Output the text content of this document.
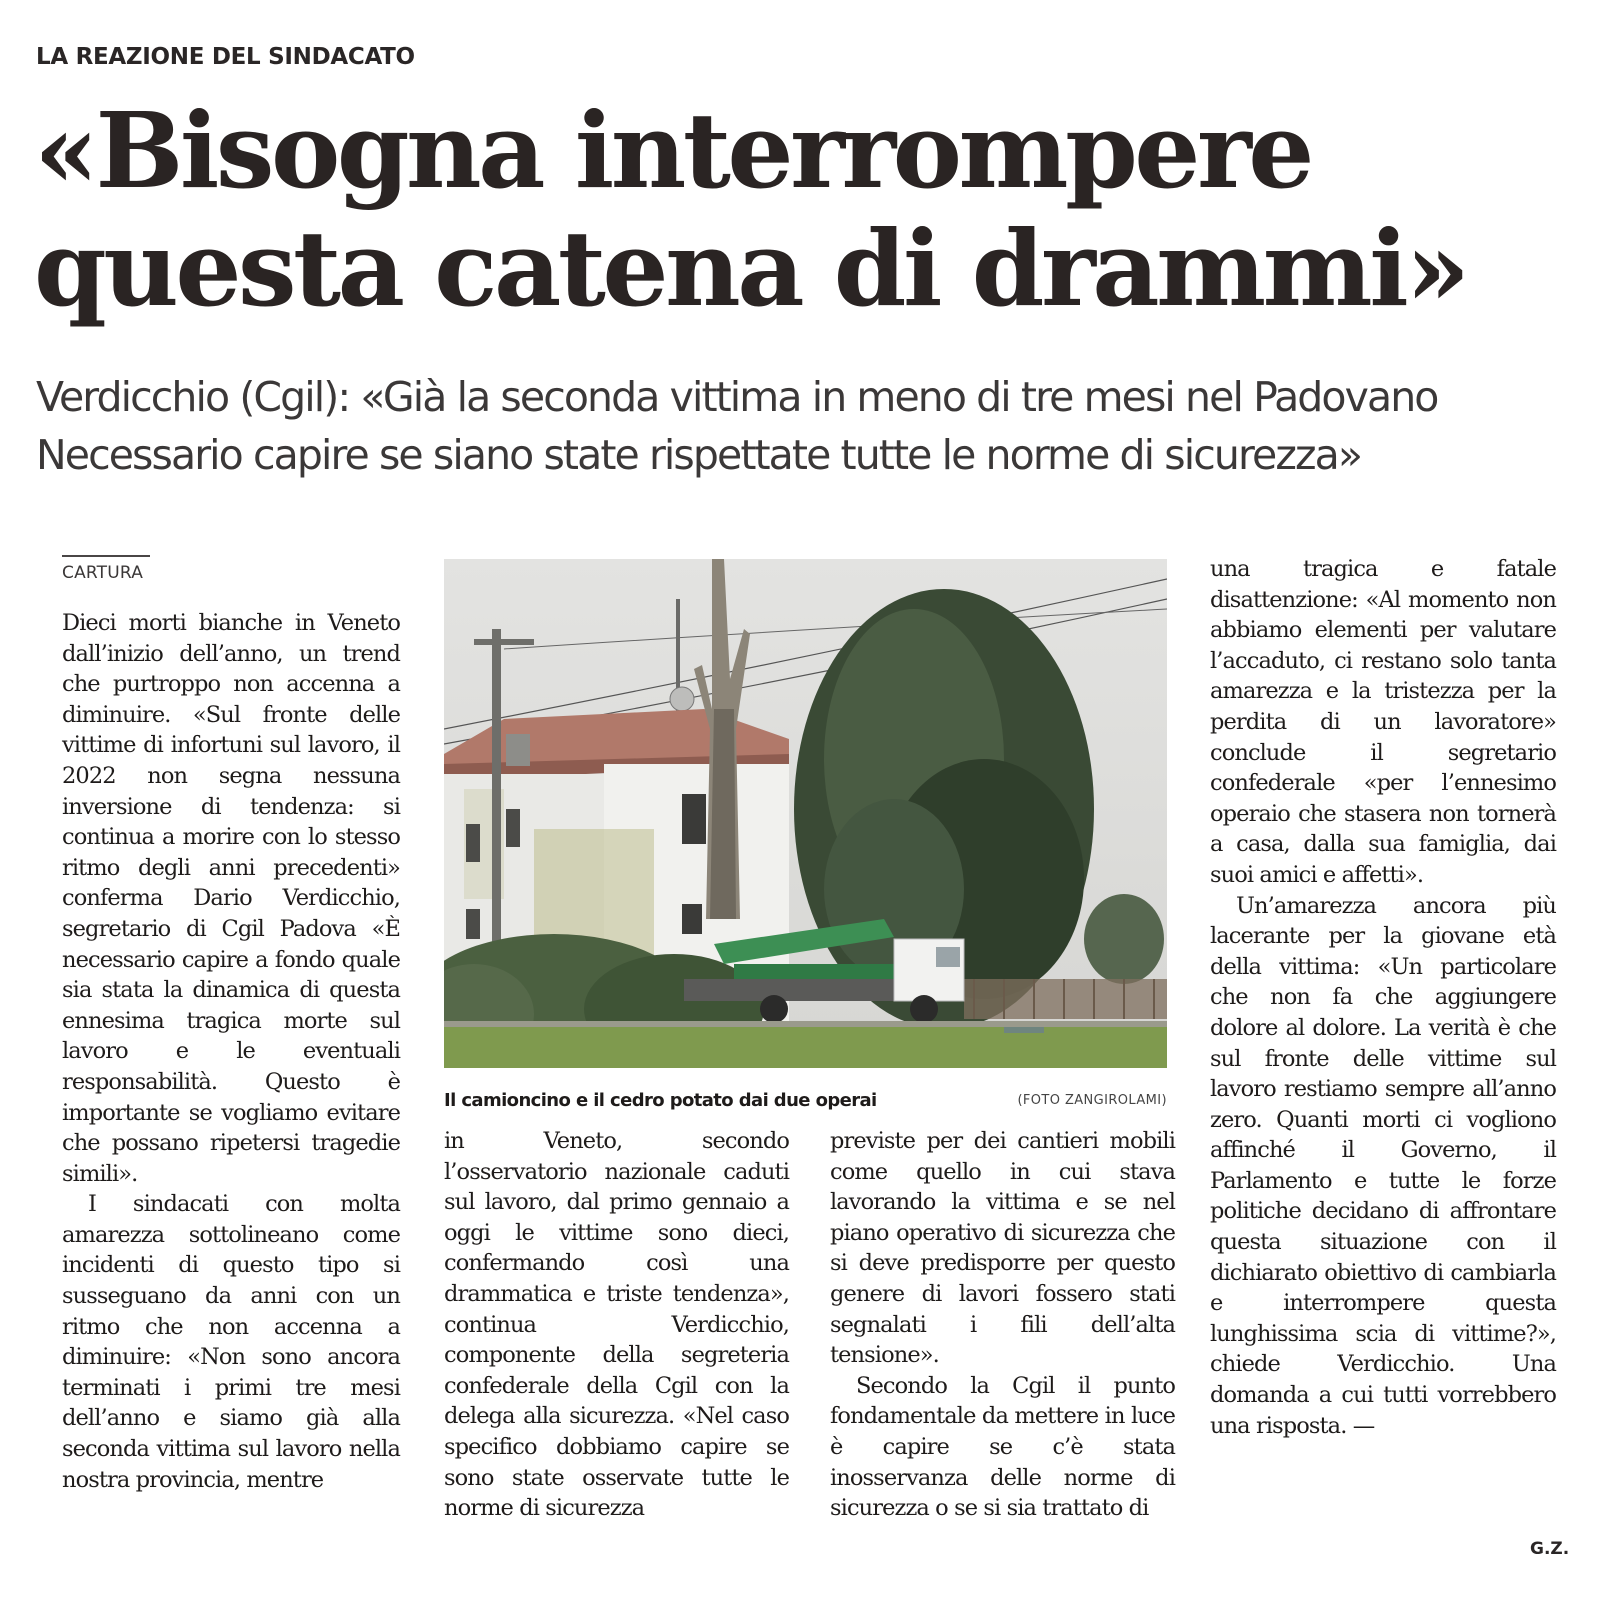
LA REAZIONE DEL SINDACATO
«Bisogna interrompere
questa catena di drammi»
Verdicchio (Cgil): «Già la seconda vittima in meno di tre mesi nel Padovano
Necessario capire se siano state rispettate tutte le norme di sicurezza»
CARTURA

Dieci morti bianche in Veneto dall’inizio dell’anno, un trend che purtroppo non accenna a diminuire. «Sul fronte delle vittime di infortuni sul lavoro, il 2022 non segna nessuna inversione di tendenza: si continua a morire con lo stesso ritmo degli anni precedenti» conferma Dario Verdicchio, segretario di Cgil Padova «È necessario capire a fondo quale sia stata la dinamica di questa ennesima tragica morte sul lavoro e le eventuali responsabilità. Questo è importante se vogliamo evitare che possano ripetersi tragedie simili».

I sindacati con molta amarezza sottolineano come incidenti di questo tipo si susseguano da anni con un ritmo che non accenna a diminuire: «Non sono ancora terminati i primi tre mesi dell’anno e siamo già alla seconda vittima sul lavoro nella nostra provincia, mentre

Il camioncino e il cedro potato dai due operai	(FOTO ZANGIROLAMI)

in Veneto, secondo l’osservatorio nazionale caduti sul lavoro, dal primo gennaio a oggi le vittime sono dieci, confermando così una drammatica e triste tendenza», continua Verdicchio, componente della segreteria confederale della Cgil con la delega alla sicurezza. «Nel caso specifico dobbiamo capire se sono state osservate tutte le norme di sicurezza

previste per dei cantieri mobili come quello in cui stava lavorando la vittima e se nel piano operativo di sicurezza che si deve predisporre per questo genere di lavori fossero stati segnalati i fili dell’alta tensione».

Secondo la Cgil il punto fondamentale da mettere in luce è capire se c’è stata inosservanza delle norme di sicurezza o se si sia trattato di

una tragica e fatale disattenzione: «Al momento non abbiamo elementi per valutare l’accaduto, ci restano solo tanta amarezza e la tristezza per la perdita di un lavoratore» conclude il segretario confederale «per l’ennesimo operaio che stasera non tornerà a casa, dalla sua famiglia, dai suoi amici e affetti».

Un’amarezza ancora più lacerante per la giovane età della vittima: «Un particolare che non fa che aggiungere dolore al dolore. La verità è che sul fronte delle vittime sul lavoro restiamo sempre all’anno zero. Quanti morti ci vogliono affinché il Governo, il Parlamento e tutte le forze politiche decidano di affrontare questa situazione con il dichiarato obiettivo di cambiarla e interrompere questa lunghissima scia di vittime?», chiede Verdicchio. Una domanda a cui tutti vorrebbero una risposta. —

G.Z.
